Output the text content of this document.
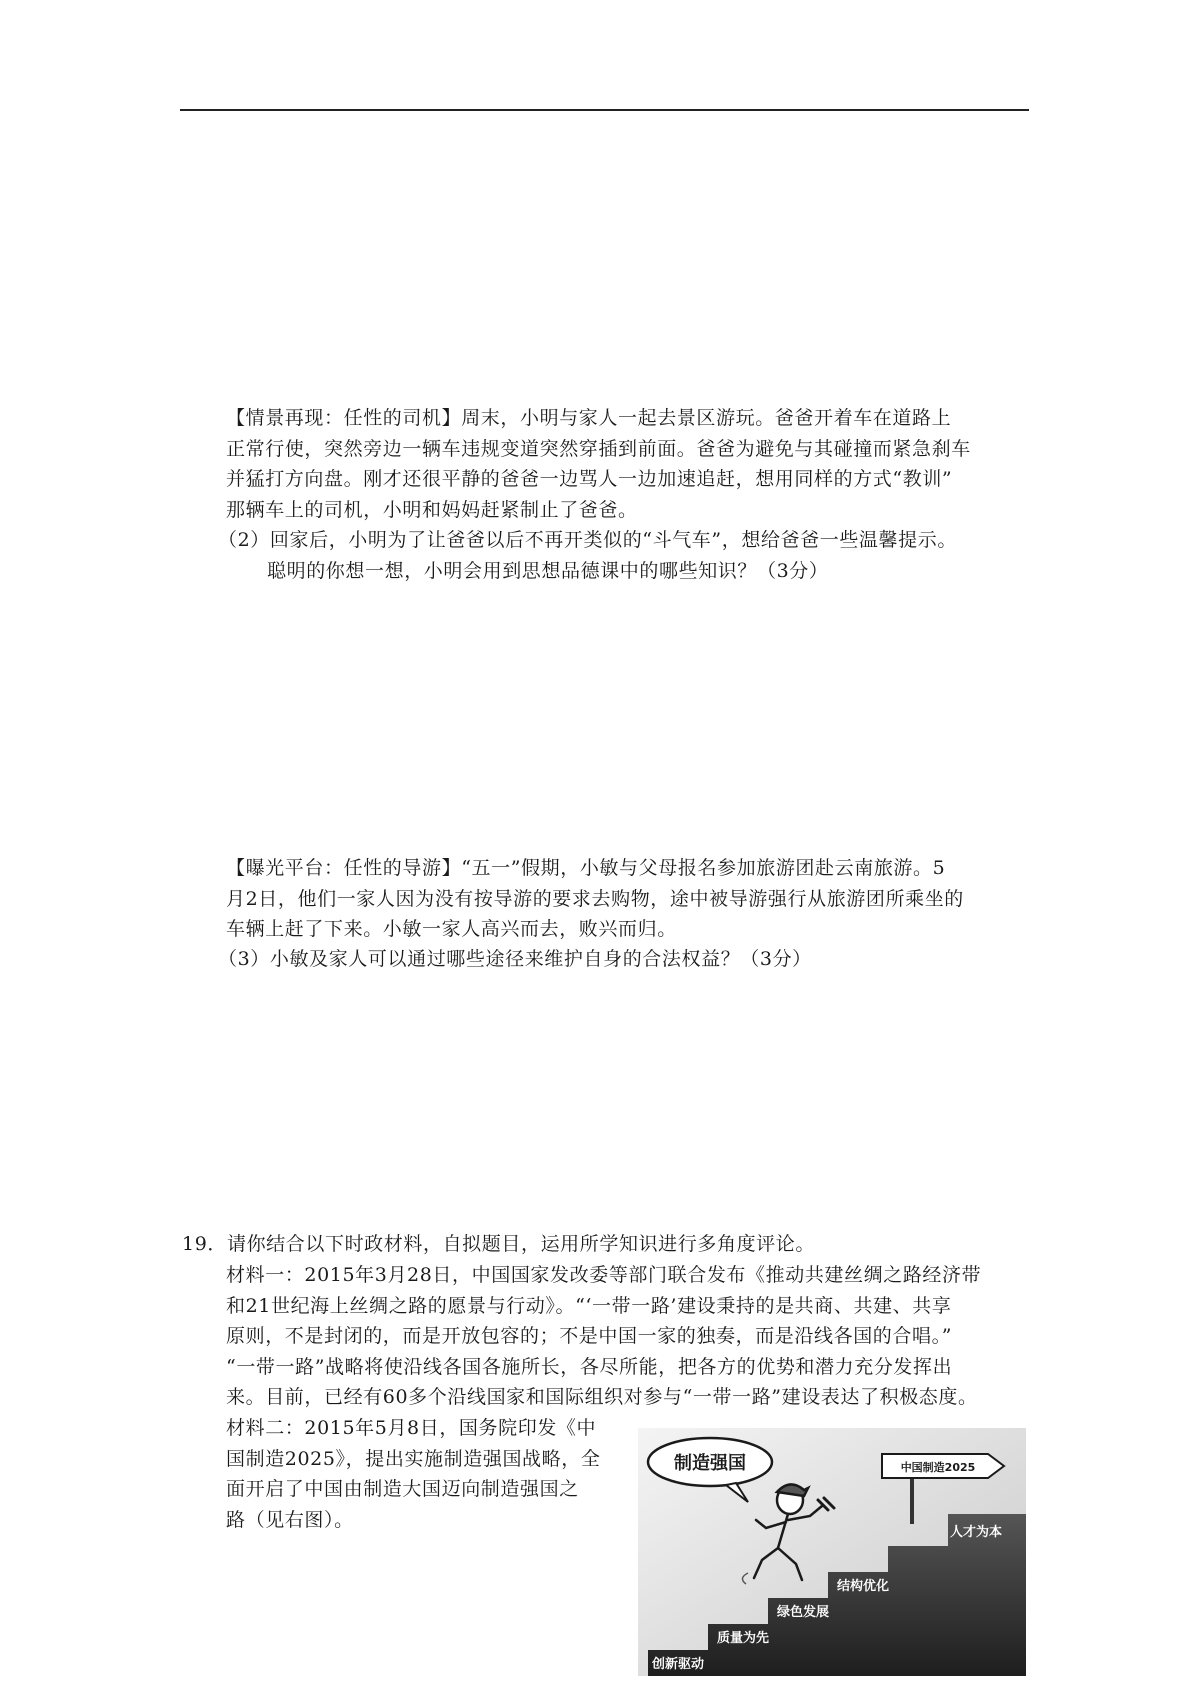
【情景再现：任性的司机】周末，小明与家人一起去景区游玩。爸爸开着车在道路上

正常行使，突然旁边一辆车违规变道突然穿插到前面。爸爸为避免与其碰撞而紧急刹车

并猛打方向盘。刚才还很平静的爸爸一边骂人一边加速追赶，想用同样的方式“教训”

那辆车上的司机，小明和妈妈赶紧制止了爸爸。

（2）回家后，小明为了让爸爸以后不再开类似的“斗气车”，想给爸爸一些温馨提示。

聪明的你想一想，小明会用到思想品德课中的哪些知识？（3分）

【曝光平台：任性的导游】“五一”假期，小敏与父母报名参加旅游团赴云南旅游。5

月2日，他们一家人因为没有按导游的要求去购物，途中被导游强行从旅游团所乘坐的

车辆上赶了下来。小敏一家人高兴而去，败兴而归。

（3）小敏及家人可以通过哪些途径来维护自身的合法权益？（3分）

19．请你结合以下时政材料，自拟题目，运用所学知识进行多角度评论。

材料一：2015年3月28日，中国国家发改委等部门联合发布《推动共建丝绸之路经济带

和21世纪海上丝绸之路的愿景与行动》。“‘一带一路’建设秉持的是共商、共建、共享

原则，不是封闭的，而是开放包容的；不是中国一家的独奏，而是沿线各国的合唱。”

“一带一路”战略将使沿线各国各施所长，各尽所能，把各方的优势和潜力充分发挥出

来。目前，已经有60多个沿线国家和国际组织对参与“一带一路”建设表达了积极态度。

材料二：2015年5月8日，国务院印发《中

国制造2025》，提出实施制造强国战略，全

面开启了中国由制造大国迈向制造强国之

路（见右图）。

制造强国	中国制造2025
创新驱动
质量为先
绿色发展
结构优化
人才为本
